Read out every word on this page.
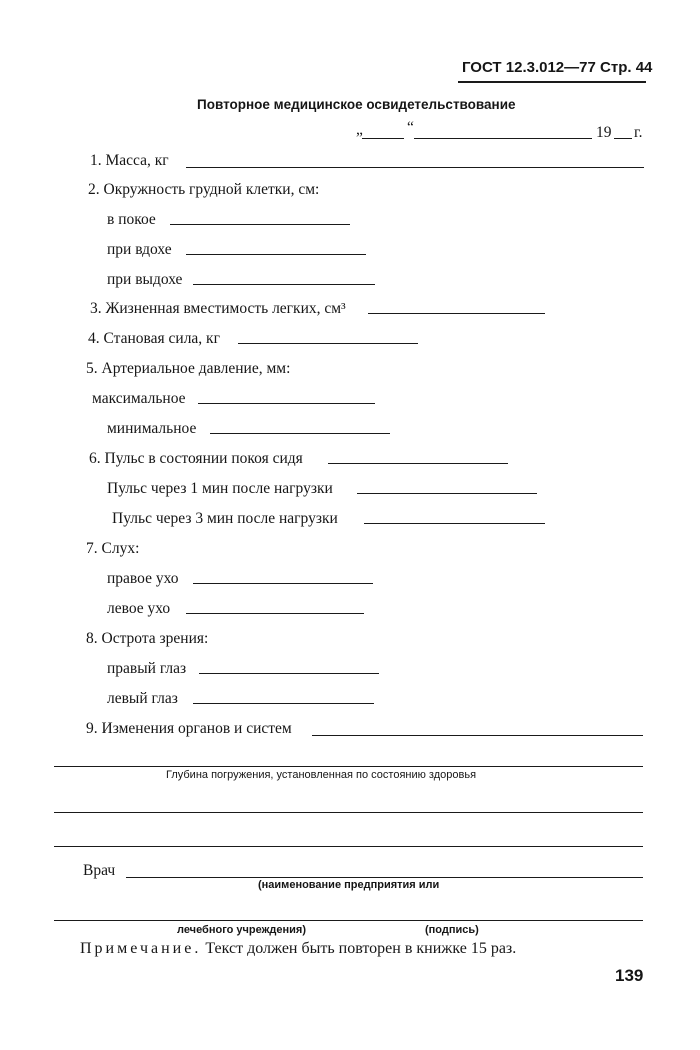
ГОСТ 12.3.012—77 Стр. 44
Повторное медицинское освидетельствование
„	“	19 г.
1. Масса, кг
2. Окружность грудной клетки, см:
в покое
при вдохе
при выдохе
3. Жизненная вместимость легких, см³
4. Становая сила, кг
5. Артериальное давление, мм:
максимальное
минимальное
6. Пульс в состоянии покоя сидя
Пульс через 1 мин после нагрузки
Пульс через 3 мин после нагрузки
7. Слух:
правое ухо
левое ухо
8. Острота зрения:
правый глаз
левый глаз
9. Изменения органов и систем
Глубина погружения, установленная по состоянию здоровья
Врач
(наименование предприятия или
лечебного учреждения)	(подпись)
Примечание. Текст должен быть повторен в книжке 15 раз.
139
